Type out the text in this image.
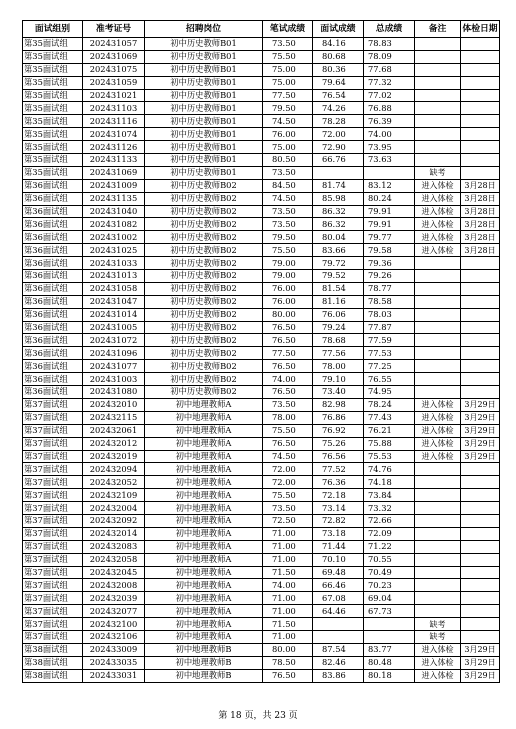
面试组别	准考证号	招聘岗位	笔试成绩	面试成绩	总成绩	备注	体检日期
第35面试组	202431057	初中历史教师B01	73.50	84.16	78.83		
第35面试组	202431069	初中历史教师B01	75.50	80.68	78.09		
第35面试组	202431075	初中历史教师B01	75.00	80.36	77.68		
第35面试组	202431059	初中历史教师B01	75.00	79.64	77.32		
第35面试组	202431021	初中历史教师B01	77.50	76.54	77.02		
第35面试组	202431103	初中历史教师B01	79.50	74.26	76.88		
第35面试组	202431116	初中历史教师B01	74.50	78.28	76.39		
第35面试组	202431074	初中历史教师B01	76.00	72.00	74.00		
第35面试组	202431126	初中历史教师B01	75.00	72.90	73.95		
第35面试组	202431133	初中历史教师B01	80.50	66.76	73.63		
第35面试组	202431069	初中历史教师B01	73.50			缺考	
第36面试组	202431009	初中历史教师B02	84.50	81.74	83.12	进入体检	3月28日
第36面试组	202431135	初中历史教师B02	74.50	85.98	80.24	进入体检	3月28日
第36面试组	202431040	初中历史教师B02	73.50	86.32	79.91	进入体检	3月28日
第36面试组	202431082	初中历史教师B02	73.50	86.32	79.91	进入体检	3月28日
第36面试组	202431002	初中历史教师B02	79.50	80.04	79.77	进入体检	3月28日
第36面试组	202431025	初中历史教师B02	75.50	83.66	79.58	进入体检	3月28日
第36面试组	202431033	初中历史教师B02	79.00	79.72	79.36		
第36面试组	202431013	初中历史教师B02	79.00	79.52	79.26		
第36面试组	202431058	初中历史教师B02	76.00	81.54	78.77		
第36面试组	202431047	初中历史教师B02	76.00	81.16	78.58		
第36面试组	202431014	初中历史教师B02	80.00	76.06	78.03		
第36面试组	202431005	初中历史教师B02	76.50	79.24	77.87		
第36面试组	202431072	初中历史教师B02	76.50	78.68	77.59		
第36面试组	202431096	初中历史教师B02	77.50	77.56	77.53		
第36面试组	202431077	初中历史教师B02	76.50	78.00	77.25		
第36面试组	202431003	初中历史教师B02	74.00	79.10	76.55		
第36面试组	202431080	初中历史教师B02	76.50	73.40	74.95		
第37面试组	202432010	初中地理教师A	73.50	82.98	78.24	进入体检	3月29日
第37面试组	202432115	初中地理教师A	78.00	76.86	77.43	进入体检	3月29日
第37面试组	202432061	初中地理教师A	75.50	76.92	76.21	进入体检	3月29日
第37面试组	202432012	初中地理教师A	76.50	75.26	75.88	进入体检	3月29日
第37面试组	202432019	初中地理教师A	74.50	76.56	75.53	进入体检	3月29日
第37面试组	202432094	初中地理教师A	72.00	77.52	74.76		
第37面试组	202432052	初中地理教师A	72.00	76.36	74.18		
第37面试组	202432109	初中地理教师A	75.50	72.18	73.84		
第37面试组	202432004	初中地理教师A	73.50	73.14	73.32		
第37面试组	202432092	初中地理教师A	72.50	72.82	72.66		
第37面试组	202432014	初中地理教师A	71.00	73.18	72.09		
第37面试组	202432083	初中地理教师A	71.00	71.44	71.22		
第37面试组	202432058	初中地理教师A	71.00	70.10	70.55		
第37面试组	202432045	初中地理教师A	71.50	69.48	70.49		
第37面试组	202432008	初中地理教师A	74.00	66.46	70.23		
第37面试组	202432039	初中地理教师A	71.00	67.08	69.04		
第37面试组	202432077	初中地理教师A	71.00	64.46	67.73		
第37面试组	202432100	初中地理教师A	71.50			缺考	
第37面试组	202432106	初中地理教师A	71.00			缺考	
第38面试组	202433009	初中地理教师B	80.00	87.54	83.77	进入体检	3月29日
第38面试组	202433035	初中地理教师B	78.50	82.46	80.48	进入体检	3月29日
第38面试组	202433031	初中地理教师B	76.50	83.86	80.18	进入体检	3月29日
第 18 页，共 23 页
